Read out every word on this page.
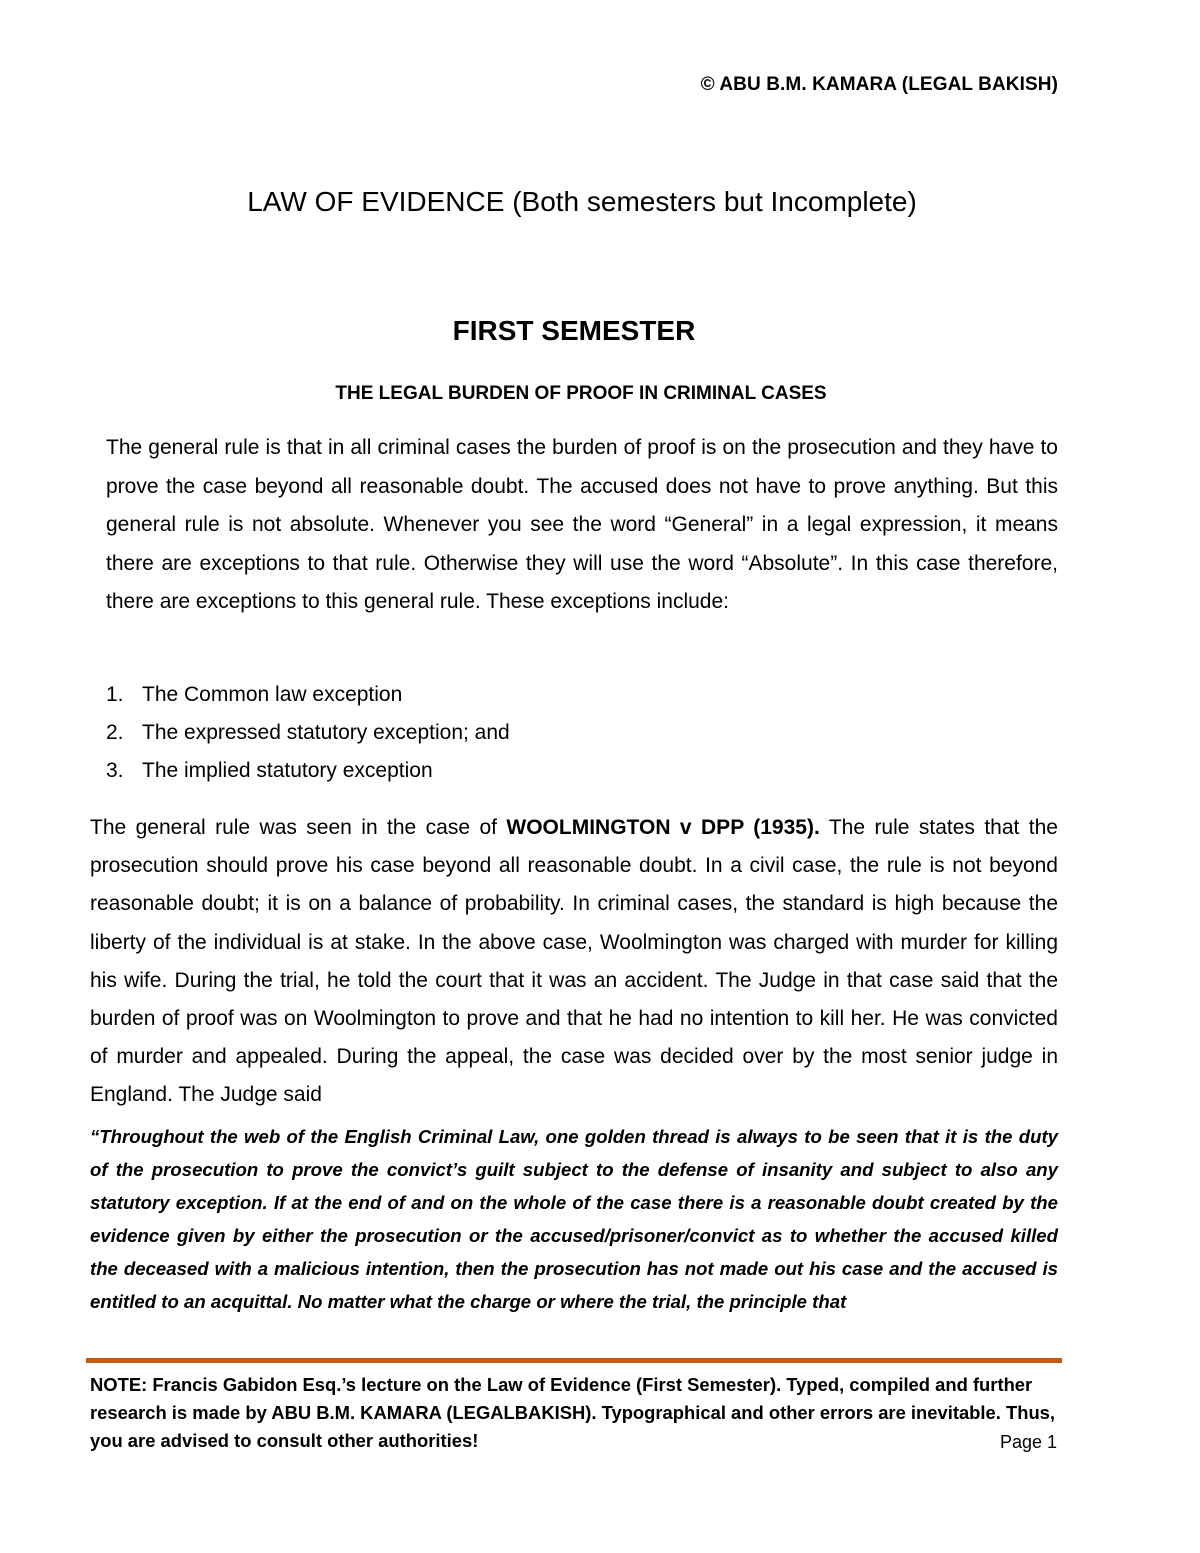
© ABU B.M. KAMARA (LEGAL BAKISH)
LAW OF EVIDENCE (Both semesters but Incomplete)
FIRST SEMESTER
THE LEGAL BURDEN OF PROOF IN CRIMINAL CASES

The general rule is that in all criminal cases the burden of proof is on the prosecution and they have to prove the case beyond all reasonable doubt. The accused does not have to prove anything. But this general rule is not absolute. Whenever you see the word “General” in a legal expression, it means there are exceptions to that rule. Otherwise they will use the word “Absolute”. In this case therefore, there are exceptions to this general rule. These exceptions include:

1. The Common law exception
2. The expressed statutory exception; and
3. The implied statutory exception

The general rule was seen in the case of WOOLMINGTON v DPP (1935). The rule states that the prosecution should prove his case beyond all reasonable doubt. In a civil case, the rule is not beyond reasonable doubt; it is on a balance of probability. In criminal cases, the standard is high because the liberty of the individual is at stake. In the above case, Woolmington was charged with murder for killing his wife. During the trial, he told the court that it was an accident. The Judge in that case said that the burden of proof was on Woolmington to prove and that he had no intention to kill her. He was convicted of murder and appealed. During the appeal, the case was decided over by the most senior judge in England. The Judge said

“Throughout the web of the English Criminal Law, one golden thread is always to be seen that it is the duty of the prosecution to prove the convict’s guilt subject to the defense of insanity and subject to also any statutory exception. If at the end of and on the whole of the case there is a reasonable doubt created by the evidence given by either the prosecution or the accused/prisoner/convict as to whether the accused killed the deceased with a malicious intention, then the prosecution has not made out his case and the accused is entitled to an acquittal. No matter what the charge or where the trial, the principle that

NOTE: Francis Gabidon Esq.’s lecture on the Law of Evidence (First Semester). Typed, compiled and further research is made by ABU B.M. KAMARA (LEGALBAKISH). Typographical and other errors are inevitable. Thus, you are advised to consult other authorities!	Page 1
